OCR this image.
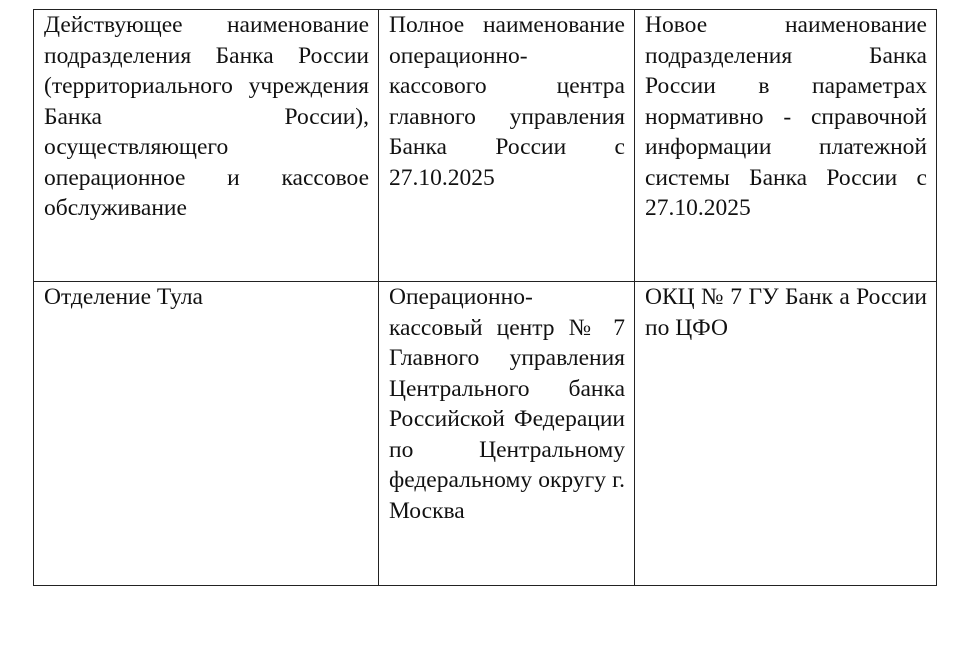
Действующее наименование подразделения Банка России (территориального учреждения Банка России), осуществляющего операционное и кассовое обслуживание	Полное наименование операционно-кассового центра главного управления Банка России с 27.10.2025	Новое наименование подразделения Банка России в параметрах нормативно - справочной информации платежной системы Банка России с 27.10.2025

Отделение Тула	Операционно-кассовый центр № 7 Главного управления Центрального банка Российской Федерации по Центральному федеральному округу г. Москва	ОКЦ № 7 ГУ Банк а России по ЦФО
